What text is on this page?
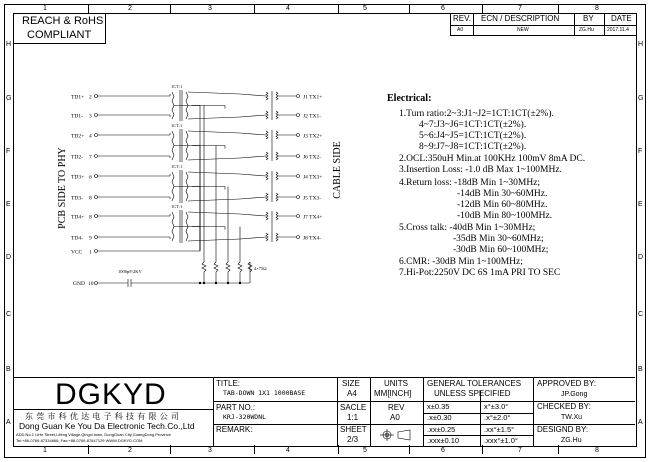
1
1
2
2
3
3
4
4
5
5
6
6
7
7
8
8
H	H
G	G
F	F
E	E
D	D
C	C
B	B
A	A
REACH & RoHS
COMPLIANT
REV. ECN / DESCRIPTION	BY DATE
A0	NEW	ZG.Hu	2017.11.4
TD1+ 2
TD1- 3
TD2+ 4
TD2- 7
TD3+ 6
TD3- 8
TD4+ 8
TD4- 9
VCC 1
GND 10
J1 TX1+
J2 TX1-
J3 TX2+
J6 TX2-
J4 TX3+
J5 TX3-
J7 TX4+
J8 TX4-
1CT:1
1CT:1
1CT:1
1CT:1
4×75Ω
1000pF/2KV
PCB SIDE TO PHY	CABLE SIDE
Electrical:
1.Turn ratio:2~3:J1~J2=1CT:1CT(±2%).
4~7:J3~J6=1CT:1CT(±2%).
5~6:J4~J5=1CT:1CT(±2%).
8~9:J7~J8=1CT:1CT(±2%).
2.OCL:350uH Min.at 100KHz 100mV 8mA DC.
3.Insertion Loss: -1.0 dB Max 1~100MHz.
4.Return loss: -18dB Min 1~30MHz;
-14dB Min 30~60MHz.
-12dB Min 60~80MHz.
-10dB Min 80~100MHz.
5.Cross talk: -40dB Min 1~30MHz;
-35dB Min 30~60MHz;
-30dB Min 60~100MHz;
6.CMR: -30dB Min 1~100MHz;
7.Hi-Pot:2250V DC 6S 1mA PRI TO SEC
DGKYD
东 莞 市 科 优 达 电 子 科 技 有 限 公 司
Dong Guan Ke You Da Electronic Tech.Co.,Ltd
ADD:No.1 LiHe Street,Lifeng Village,Qingxi town, DongGuan City,GuangDong Province
Tel:+86-0769-87334666; Fax:+86-0769-87647129 WWW.DGKYD.COM
TITLE:
TAB-DOWN 1X1 1000BASE
PART NO.:
KRJ-320WDNL
REMARK:
SIZE
A4
SACLE
1:1
SHEET
2/3
UNITS
MM[INCH]
REV
A0
GENERAL TOLERANCES
UNLESS SPECIFIED
x±0.35	x°±3.0°
.x±0.30	.x°±2.0°
.xx±0.25	.xx°±1.5°
.xxx±0.10	.xxx°±1.0°
APPROVED BY:
JP.Gong
CHECKED BY:
TW.Xu
DESIGND BY:
ZG.Hu
